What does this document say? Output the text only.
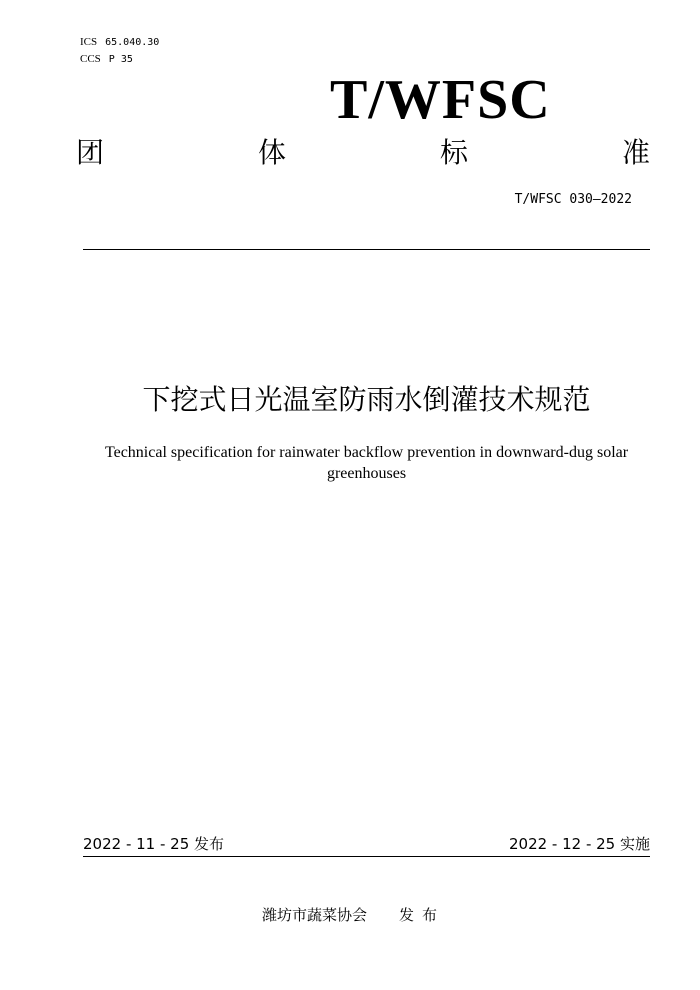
ICS 65.040.30
CCS P 35
T/WFSC
团	体	标	准
T/WFSC 030—2022
下挖式日光温室防雨水倒灌技术规范
Technical specification for rainwater backflow prevention in downward-dug solar greenhouses
2022 - 11 - 25 发布	2022 - 12 - 25 实施
潍坊市蔬菜协会 发布
